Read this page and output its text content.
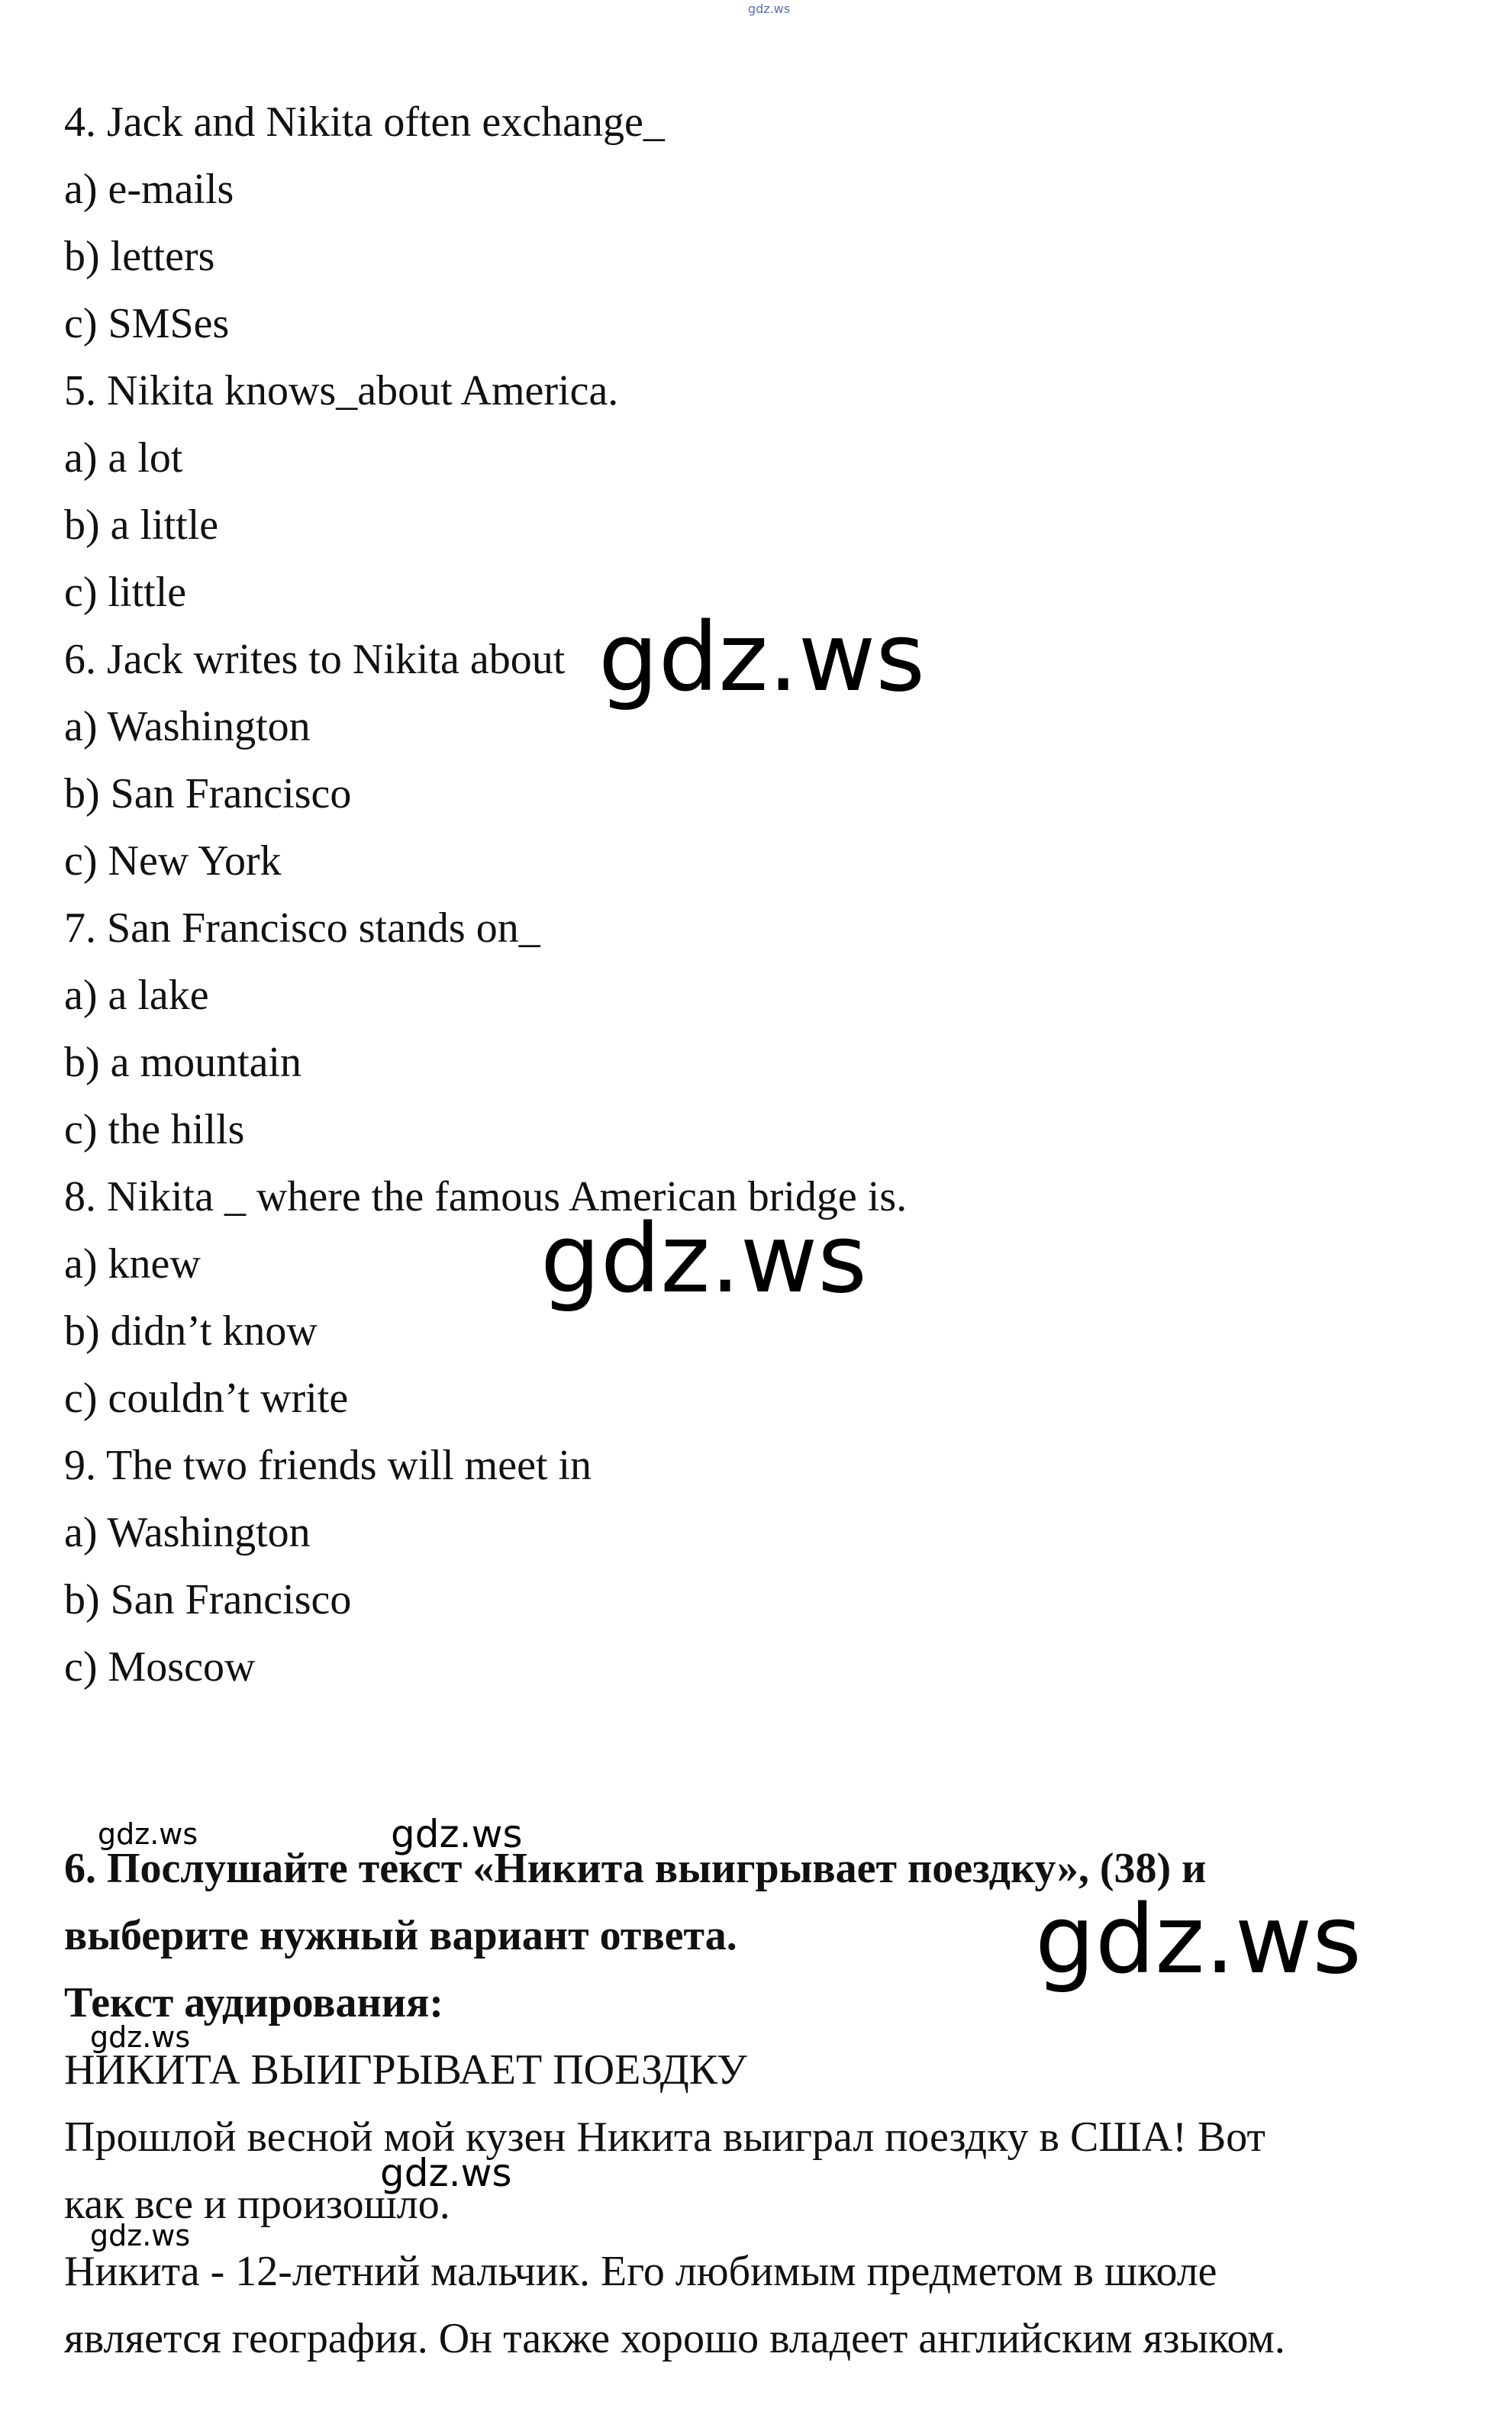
4. Jack and Nikita often exchange_
a) e-mails
b) letters
c) SMSes
5. Nikita knows_about America.
a) a lot
b) a little
c) little
6. Jack writes to Nikita about
a) Washington
b) San Francisco
c) New York
7. San Francisco stands on_
a) a lake
b) a mountain
c) the hills
8. Nikita _ where the famous American bridge is.
a) knew
b) didn’t know
c) couldn’t write
9. The two friends will meet in
a) Washington
b) San Francisco
c) Moscow
6. Послушайте текст «Никита выигрывает поездку», (38) и
выберите нужный вариант ответа.
Текст аудирования:
НИКИТА ВЫИГРЫВАЕТ ПОЕЗДКУ
Прошлой весной мой кузен Никита выиграл поездку в США! Вот
как все и произошло.
Никита - 12-летний мальчик. Его любимым предметом в школе
является география. Он также хорошо владеет английским языком.
gdz.ws
gdz.ws
gdz.ws
gdz.ws	gdz.ws
gdz.ws
gdz.ws
gdz.ws
gdz.ws
